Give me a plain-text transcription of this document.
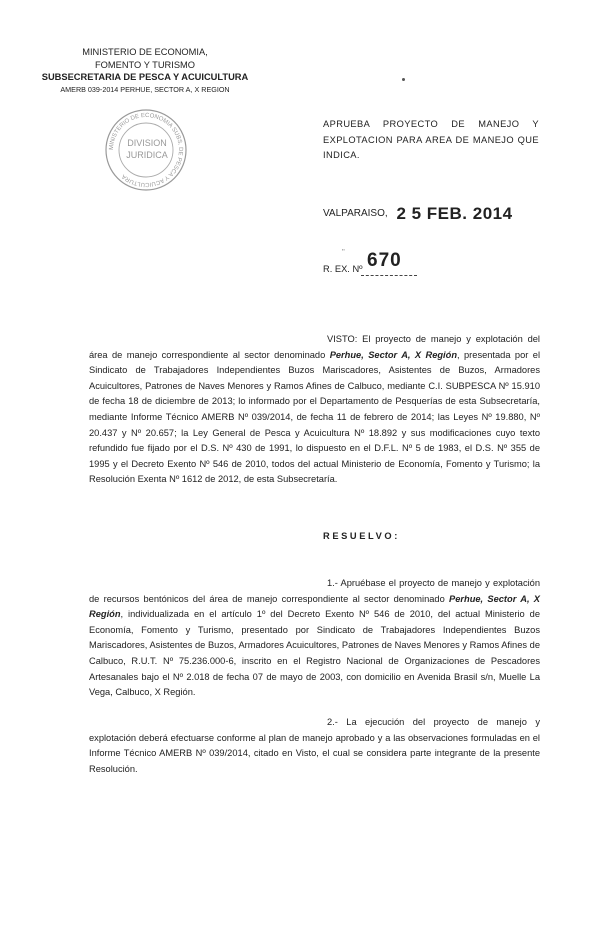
MINISTERIO DE ECONOMIA,
FOMENTO Y TURISMO
SUBSECRETARIA DE PESCA Y ACUICULTURA
AMERB 039-2014 PERHUE, SECTOR A, X REGION
MINISTERIO DE ECONOMIA SUBS. DE PESCA Y ACUICULTURA
DIVISION
JURIDICA
APRUEBA PROYECTO DE MANEJO Y EXPLOTACION PARA AREA DE MANEJO QUE INDICA.
VALPARAISO, 2 5 FEB. 2014
''
R. EX. Nº 670

VISTO: El proyecto de manejo y explotación del área de manejo correspondiente al sector denominado Perhue, Sector A, X Región, presentada por el Sindicato de Trabajadores Independientes Buzos Mariscadores, Asistentes de Buzos, Armadores Acuicultores, Patrones de Naves Menores y Ramos Afines de Calbuco, mediante C.I. SUBPESCA Nº 15.910 de fecha 18 de diciembre de 2013; lo informado por el Departamento de Pesquerías de esta Subsecretaría, mediante Informe Técnico AMERB Nº 039/2014, de fecha 11 de febrero de 2014; las Leyes Nº 19.880, Nº 20.437 y Nº 20.657; la Ley General de Pesca y Acuicultura Nº 18.892 y sus modificaciones cuyo texto refundido fue fijado por el D.S. Nº 430 de 1991, lo dispuesto en el D.F.L. Nº 5 de 1983, el D.S. Nº 355 de 1995 y el Decreto Exento Nº 546 de 2010, todos del actual Ministerio de Economía, Fomento y Turismo; la Resolución Exenta Nº 1612 de 2012, de esta Subsecretaría.

RESUELVO:

1.- Apruébase el proyecto de manejo y explotación de recursos bentónicos del área de manejo correspondiente al sector denominado Perhue, Sector A, X Región, individualizada en el artículo 1º del Decreto Exento Nº 546 de 2010, del actual Ministerio de Economía, Fomento y Turismo, presentado por Sindicato de Trabajadores Independientes Buzos Mariscadores, Asistentes de Buzos, Armadores Acuicultores, Patrones de Naves Menores y Ramos Afines de Calbuco, R.U.T. Nº 75.236.000-6, inscrito en el Registro Nacional de Organizaciones de Pescadores Artesanales bajo el Nº 2.018 de fecha 07 de mayo de 2003, con domicilio en Avenida Brasil s/n, Muelle La Vega, Calbuco, X Región.

2.- La ejecución del proyecto de manejo y explotación deberá efectuarse conforme al plan de manejo aprobado y a las observaciones formuladas en el Informe Técnico AMERB Nº 039/2014, citado en Visto, el cual se considera parte integrante de la presente Resolución.
